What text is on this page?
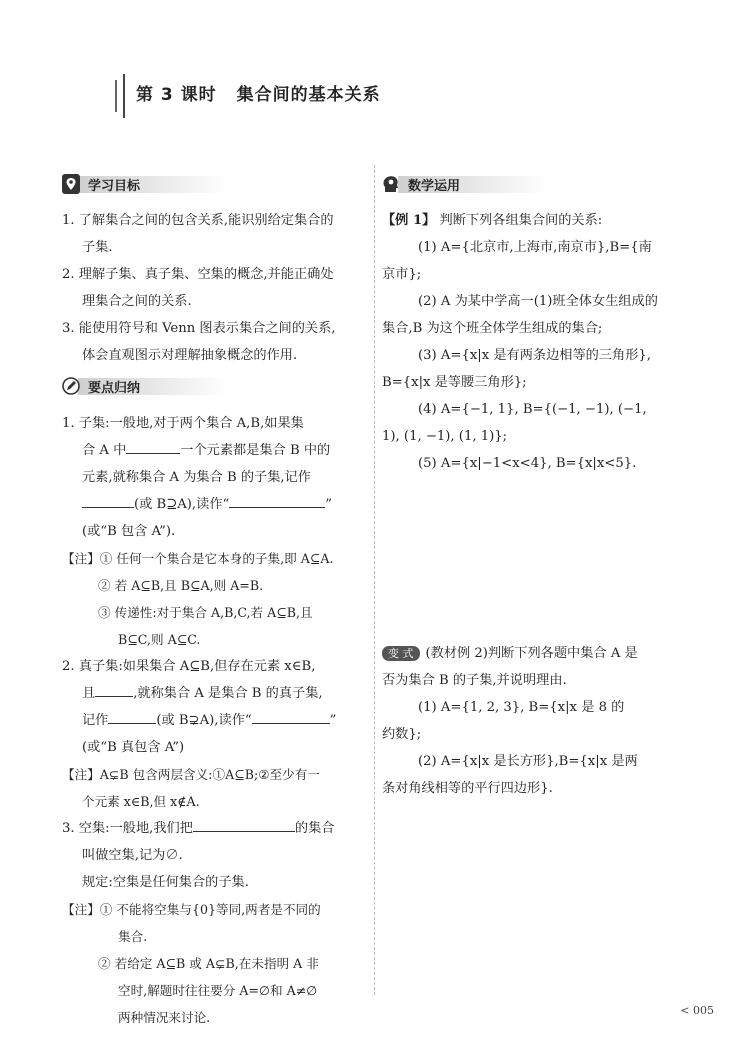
第 3 课时 集合间的基本关系
学习目标

1. 了解集合之间的包含关系,能识别给定集合的

子集.

2. 理解子集、真子集、空集的概念,并能正确处

理集合之间的关系.

3. 能使用符号和 Venn 图表示集合之间的关系,

体会直观图示对理解抽象概念的作用.

要点归纳

1. 子集:一般地,对于两个集合 A,B,如果集

合 A 中	一个元素都是集合 B 中的

元素,就称集合 A 为集合 B 的子集,记作

(或 B⊇A),读作“	”

(或“B 包含 A”).

【注】① 任何一个集合是它本身的子集,即 A⊆A.

② 若 A⊆B,且 B⊆A,则 A=B.

③ 传递性:对于集合 A,B,C,若 A⊆B,且

B⊆C,则 A⊆C.

2. 真子集:如果集合 A⊆B,但存在元素 x∈B,

且	,就称集合 A 是集合 B 的真子集,

记作	(或 B⊋A),读作“	”

(或“B 真包含 A”)

【注】A⊊B 包含两层含义:①A⊆B;②至少有一

个元素 x∈B,但 x∉A.

3. 空集:一般地,我们把	的集合

叫做空集,记为∅.

规定:空集是任何集合的子集.

【注】① 不能将空集与{0}等同,两者是不同的

集合.

② 若给定 A⊆B 或 A⊊B,在未指明 A 非

空时,解题时往往要分 A=∅和 A≠∅

两种情况来讨论.

数学运用

【例 1】 判断下列各组集合间的关系:

(1) A={北京市,上海市,南京市},B={南

京市};

(2) A 为某中学高一(1)班全体女生组成的

集合,B 为这个班全体学生组成的集合;

(3) A={x|x 是有两条边相等的三角形},

B={x|x 是等腰三角形};

(4) A={−1, 1}, B={(−1, −1), (−1,

1), (1, −1), (1, 1)};

(5) A={x|−1<x<4}, B={x|x<5}.

变 式 (教材例 2)判断下列各题中集合 A 是

否为集合 B 的子集,并说明理由.

(1) A={1, 2, 3}, B={x|x 是 8 的

约数};

(2) A={x|x 是长方形},B={x|x 是两

条对角线相等的平行四边形}.

< 005
